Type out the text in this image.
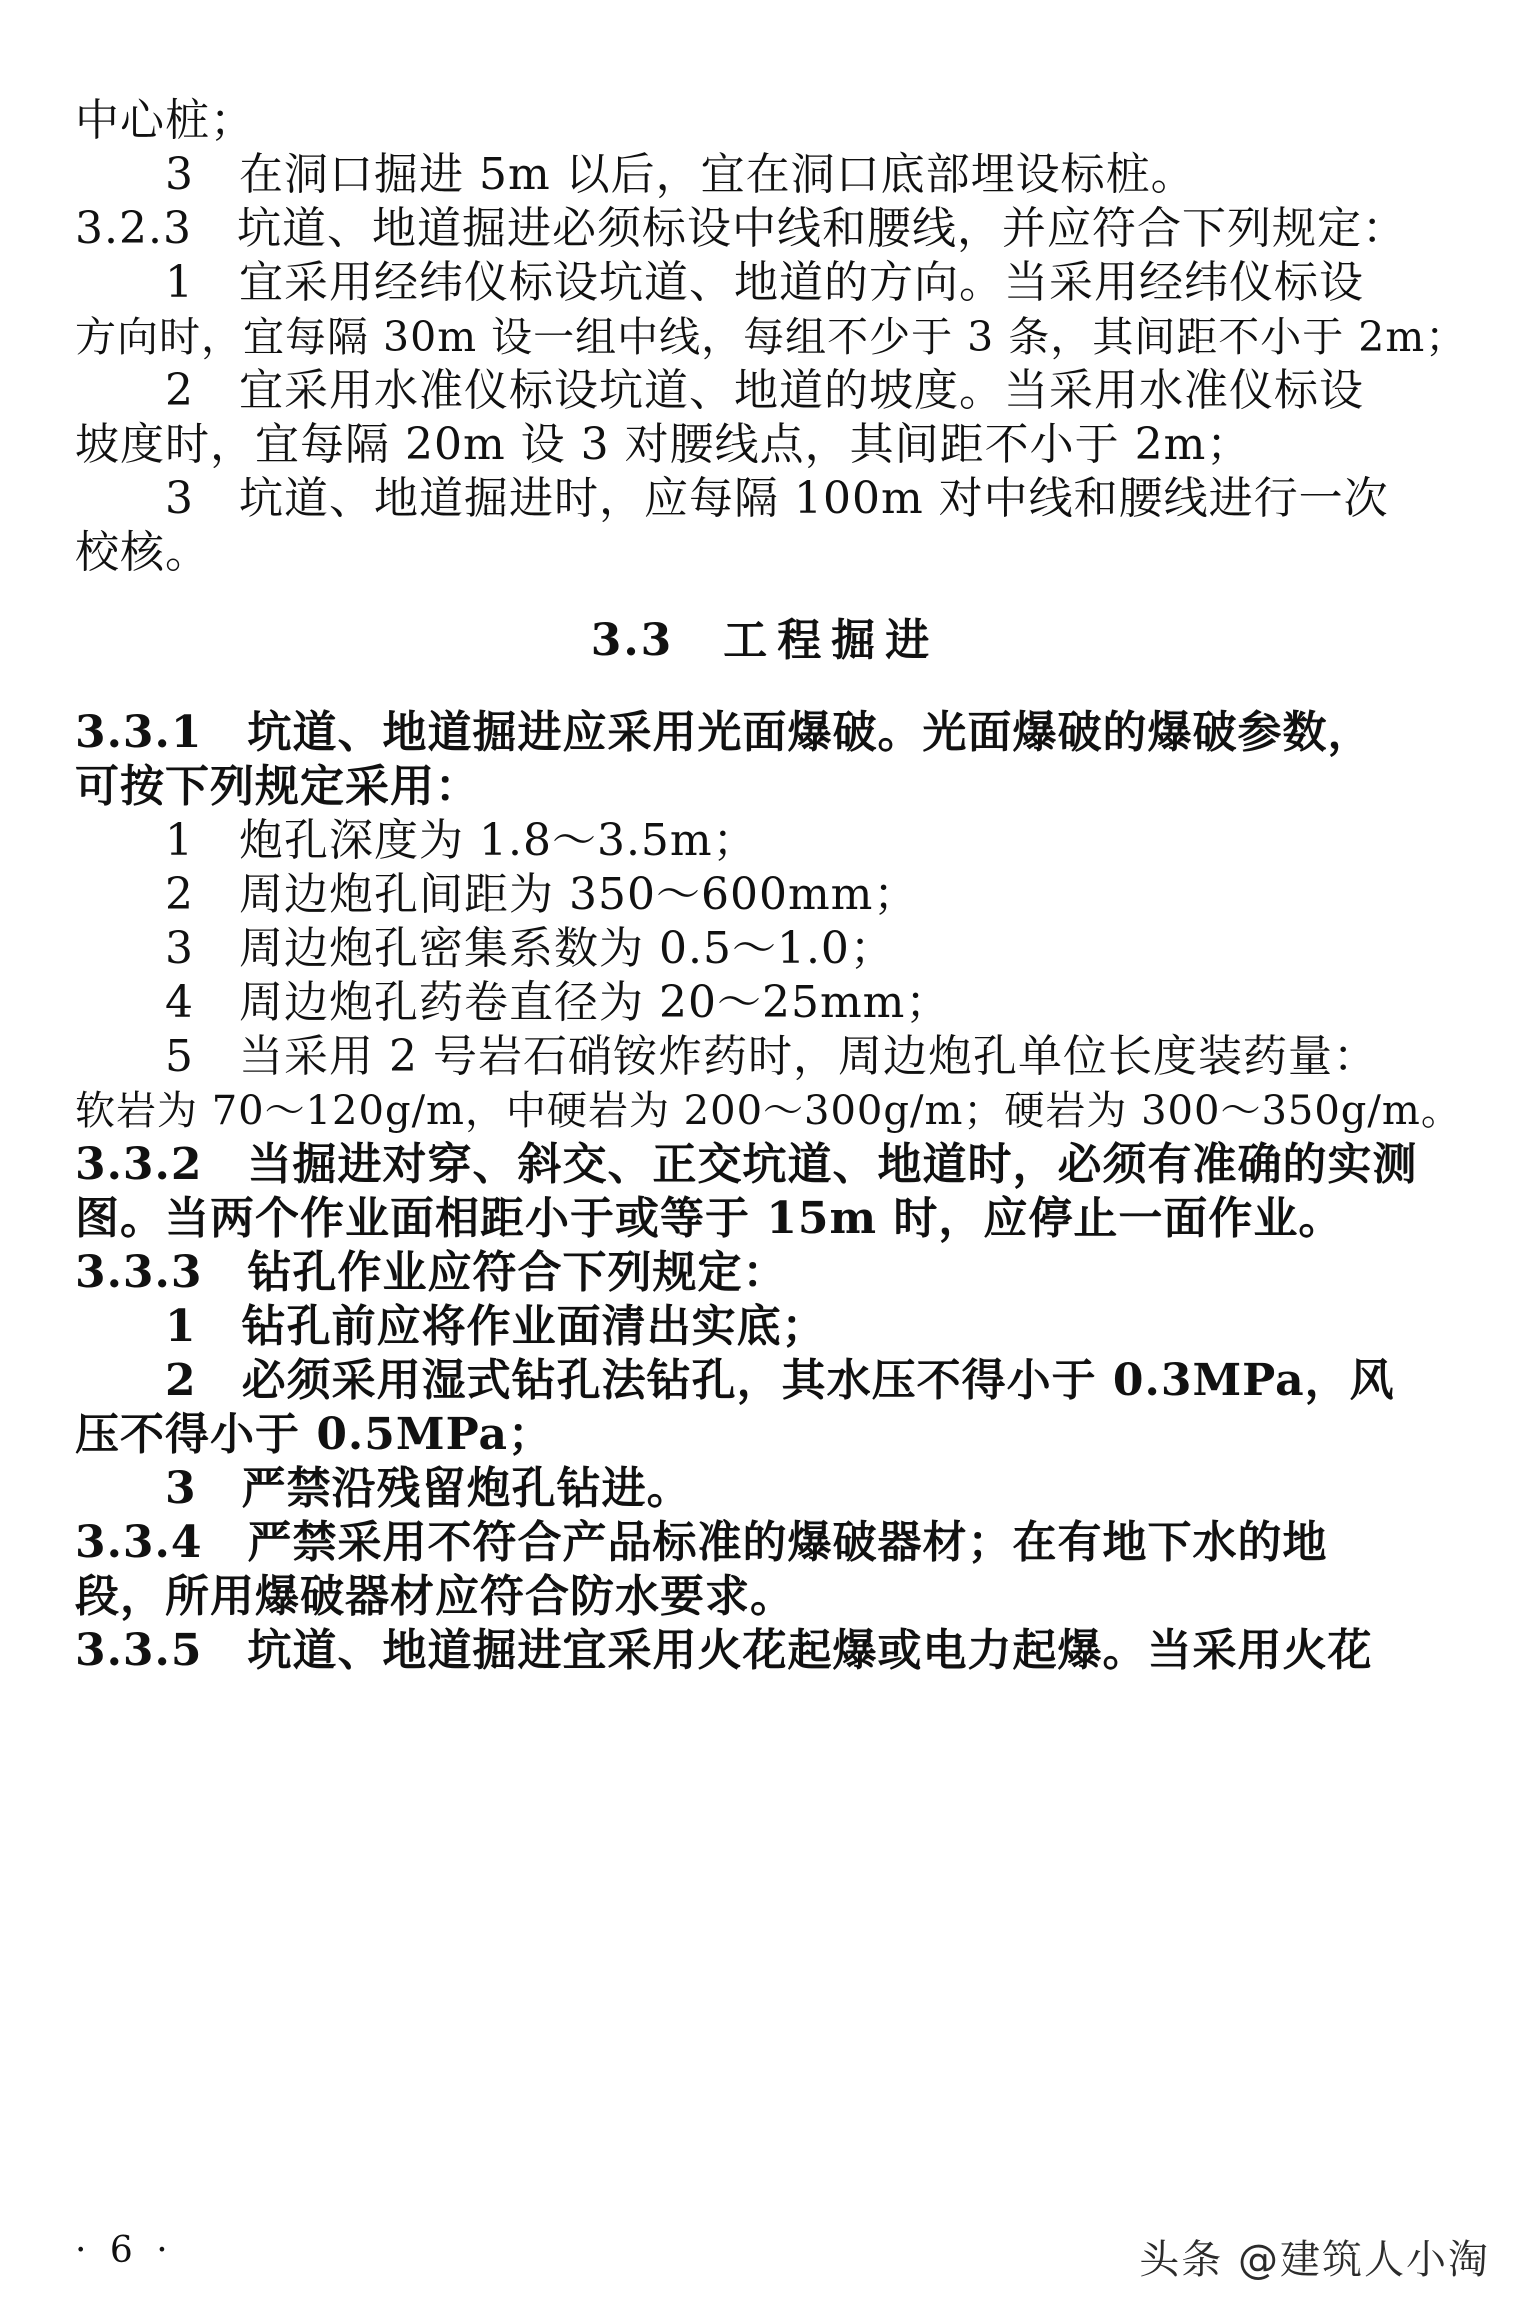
中心桩；
3　在洞口掘进 5m 以后，宜在洞口底部埋设标桩。
3.2.3　坑道、地道掘进必须标设中线和腰线，并应符合下列规定：
1　宜采用经纬仪标设坑道、地道的方向。当采用经纬仪标设
方向时，宜每隔 30m 设一组中线，每组不少于 3 条，其间距不小于 2m；
2　宜采用水准仪标设坑道、地道的坡度。当采用水准仪标设
坡度时，宜每隔 20m 设 3 对腰线点，其间距不小于 2m；
3　坑道、地道掘进时，应每隔 100m 对中线和腰线进行一次
校核。
3.3 工程掘进
3.3.1　坑道、地道掘进应采用光面爆破。光面爆破的爆破参数，
可按下列规定采用：
1　炮孔深度为 1.8～3.5m；
2　周边炮孔间距为 350～600mm；
3　周边炮孔密集系数为 0.5～1.0；
4　周边炮孔药卷直径为 20～25mm；
5　当采用 2 号岩石硝铵炸药时，周边炮孔单位长度装药量：
软岩为 70～120g/m，中硬岩为 200～300g/m；硬岩为 300～350g/m。
3.3.2　当掘进对穿、斜交、正交坑道、地道时，必须有准确的实测
图。当两个作业面相距小于或等于 15m 时，应停止一面作业。
3.3.3　钻孔作业应符合下列规定：
1　钻孔前应将作业面清出实底；
2　必须采用湿式钻孔法钻孔，其水压不得小于 0.3MPa，风
压不得小于 0.5MPa；
3　严禁沿残留炮孔钻进。
3.3.4　严禁采用不符合产品标准的爆破器材；在有地下水的地
段，所用爆破器材应符合防水要求。
3.3.5　坑道、地道掘进宜采用火花起爆或电力起爆。当采用火花
· 6 ·	头条 @建筑人小淘
